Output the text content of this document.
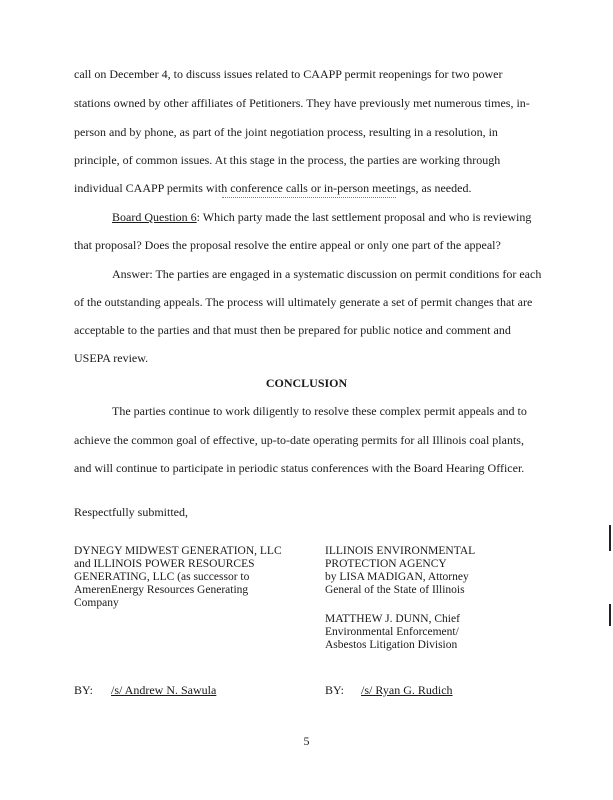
call on December 4, to discuss issues related to CAAPP permit reopenings for two power
stations owned by other affiliates of Petitioners. They have previously met numerous times, in-
person and by phone, as part of the joint negotiation process, resulting in a resolution, in
principle, of common issues. At this stage in the process, the parties are working through
individual CAAPP permits with conference calls or in-person meetings, as needed.
Board Question 6: Which party made the last settlement proposal and who is reviewing
that proposal? Does the proposal resolve the entire appeal or only one part of the appeal?
Answer: The parties are engaged in a systematic discussion on permit conditions for each
of the outstanding appeals. The process will ultimately generate a set of permit changes that are
acceptable to the parties and that must then be prepared for public notice and comment and
USEPA review.
CONCLUSION
The parties continue to work diligently to resolve these complex permit appeals and to
achieve the common goal of effective, up-to-date operating permits for all Illinois coal plants,
and will continue to participate in periodic status conferences with the Board Hearing Officer.
Respectfully submitted,
DYNEGY MIDWEST GENERATION, LLC
and ILLINOIS POWER RESOURCES
GENERATING, LLC (as successor to
AmerenEnergy Resources Generating
Company
ILLINOIS ENVIRONMENTAL
PROTECTION AGENCY
by LISA MADIGAN, Attorney
General of the State of Illinois
MATTHEW J. DUNN, Chief
Environmental Enforcement/
Asbestos Litigation Division
BY: /s/ Andrew N. Sawula	BY: /s/ Ryan G. Rudich
5
